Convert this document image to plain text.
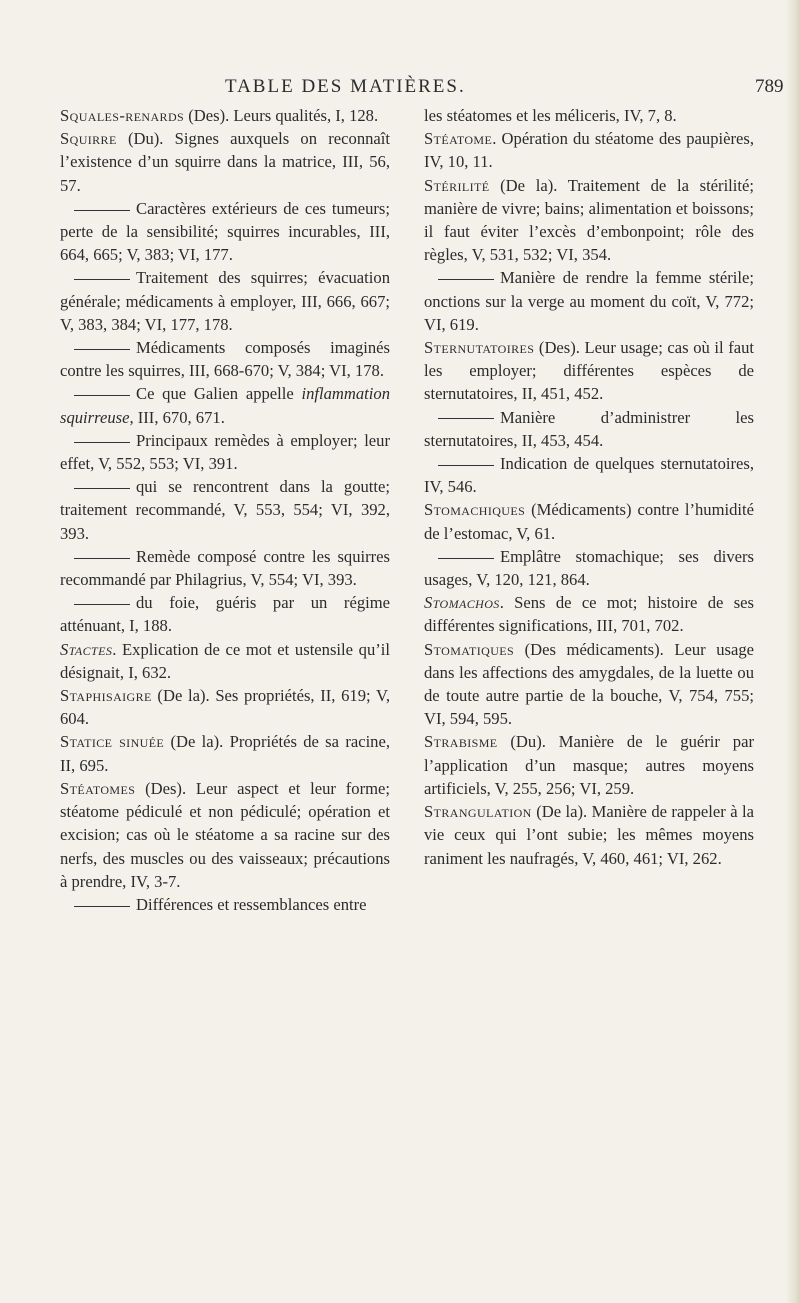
TABLE DES MATIÈRES.	789

Squales-renards (Des). Leurs qualités, I, 128.

Squirre (Du). Signes auxquels on reconnaît l’existence d’un squirre dans la matrice, III, 56, 57.

Caractères extérieurs de ces tumeurs; perte de la sensibilité; squirres incurables, III, 664, 665; V, 383; VI, 177.

Traitement des squirres; évacuation générale; médicaments à employer, III, 666, 667; V, 383, 384; VI, 177, 178.

Médicaments composés imaginés contre les squirres, III, 668-670; V, 384; VI, 178.

Ce que Galien appelle inflammation squirreuse, III, 670, 671.

Principaux remèdes à employer; leur effet, V, 552, 553; VI, 391.

qui se rencontrent dans la goutte; traitement recommandé, V, 553, 554; VI, 392, 393.

Remède composé contre les squirres recommandé par Philagrius, V, 554; VI, 393.

du foie, guéris par un régime atténuant, I, 188.

Stactes. Explication de ce mot et ustensile qu’il désignait, I, 632.

Staphisaigre (De la). Ses propriétés, II, 619; V, 604.

Statice sinuée (De la). Propriétés de sa racine, II, 695.

Stéatomes (Des). Leur aspect et leur forme; stéatome pédiculé et non pédiculé; opération et excision; cas où le stéatome a sa racine sur des nerfs, des muscles ou des vaisseaux; précautions à prendre, IV, 3-7.

Différences et ressemblances entre

les stéatomes et les méliceris, IV, 7, 8.

Stéatome. Opération du stéatome des paupières, IV, 10, 11.

Stérilité (De la). Traitement de la stérilité; manière de vivre; bains; alimentation et boissons; il faut éviter l’excès d’embonpoint; rôle des règles, V, 531, 532; VI, 354.

Manière de rendre la femme stérile; onctions sur la verge au moment du coït, V, 772; VI, 619.

Sternutatoires (Des). Leur usage; cas où il faut les employer; différentes espèces de sternutatoires, II, 451, 452.

Manière d’administrer les sternutatoires, II, 453, 454.

Indication de quelques sternutatoires, IV, 546.

Stomachiques (Médicaments) contre l’humidité de l’estomac, V, 61.

Emplâtre stomachique; ses divers usages, V, 120, 121, 864.

Stomachos. Sens de ce mot; histoire de ses différentes significations, III, 701, 702.

Stomatiques (Des médicaments). Leur usage dans les affections des amygdales, de la luette ou de toute autre partie de la bouche, V, 754, 755; VI, 594, 595.

Strabisme (Du). Manière de le guérir par l’application d’un masque; autres moyens artificiels, V, 255, 256; VI, 259.

Strangulation (De la). Manière de rappeler à la vie ceux qui l’ont subie; les mêmes moyens raniment les naufragés, V, 460, 461; VI, 262.
